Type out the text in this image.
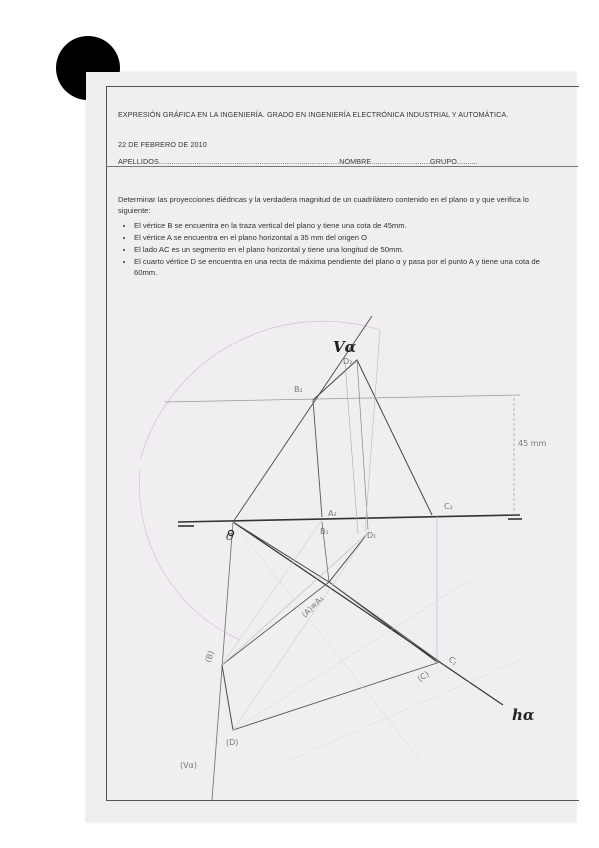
EXPRESIÓN GRÁFICA EN LA INGENIERÍA. GRADO EN INGENIERÍA ELECTRÓNICA INDUSTRIAL Y AUTOMÁTICA.
22 DE FEBRERO DE 2010
APELLIDOS......................................................................................NOMBRE............................GRUPO..........
Determinar las proyecciones diédricas y la verdadera magnitud de un cuadrilátero contenido en el plano α y que verifica lo siguiente:
• El vértice B se encuentra en la traza vertical del plano y tiene una cota de 45mm.
• El vértice A se encuentra en el plano horizontal a 35 mm del origen O
• El lado AC es un segmento en el plano horizontal y tiene una longitud de 50mm.
• El cuarto vértice D se encuentra en una recta de máxima pendiente del plano α y pasa por el punto A y tiene una cota de 60mm.
Vα
hα
O
B₂
D₂
A₂
C₂
B₁	D₁
(A)≡A₁
C₁
(C)
(B)
(D)
(Vα)
45 mm
